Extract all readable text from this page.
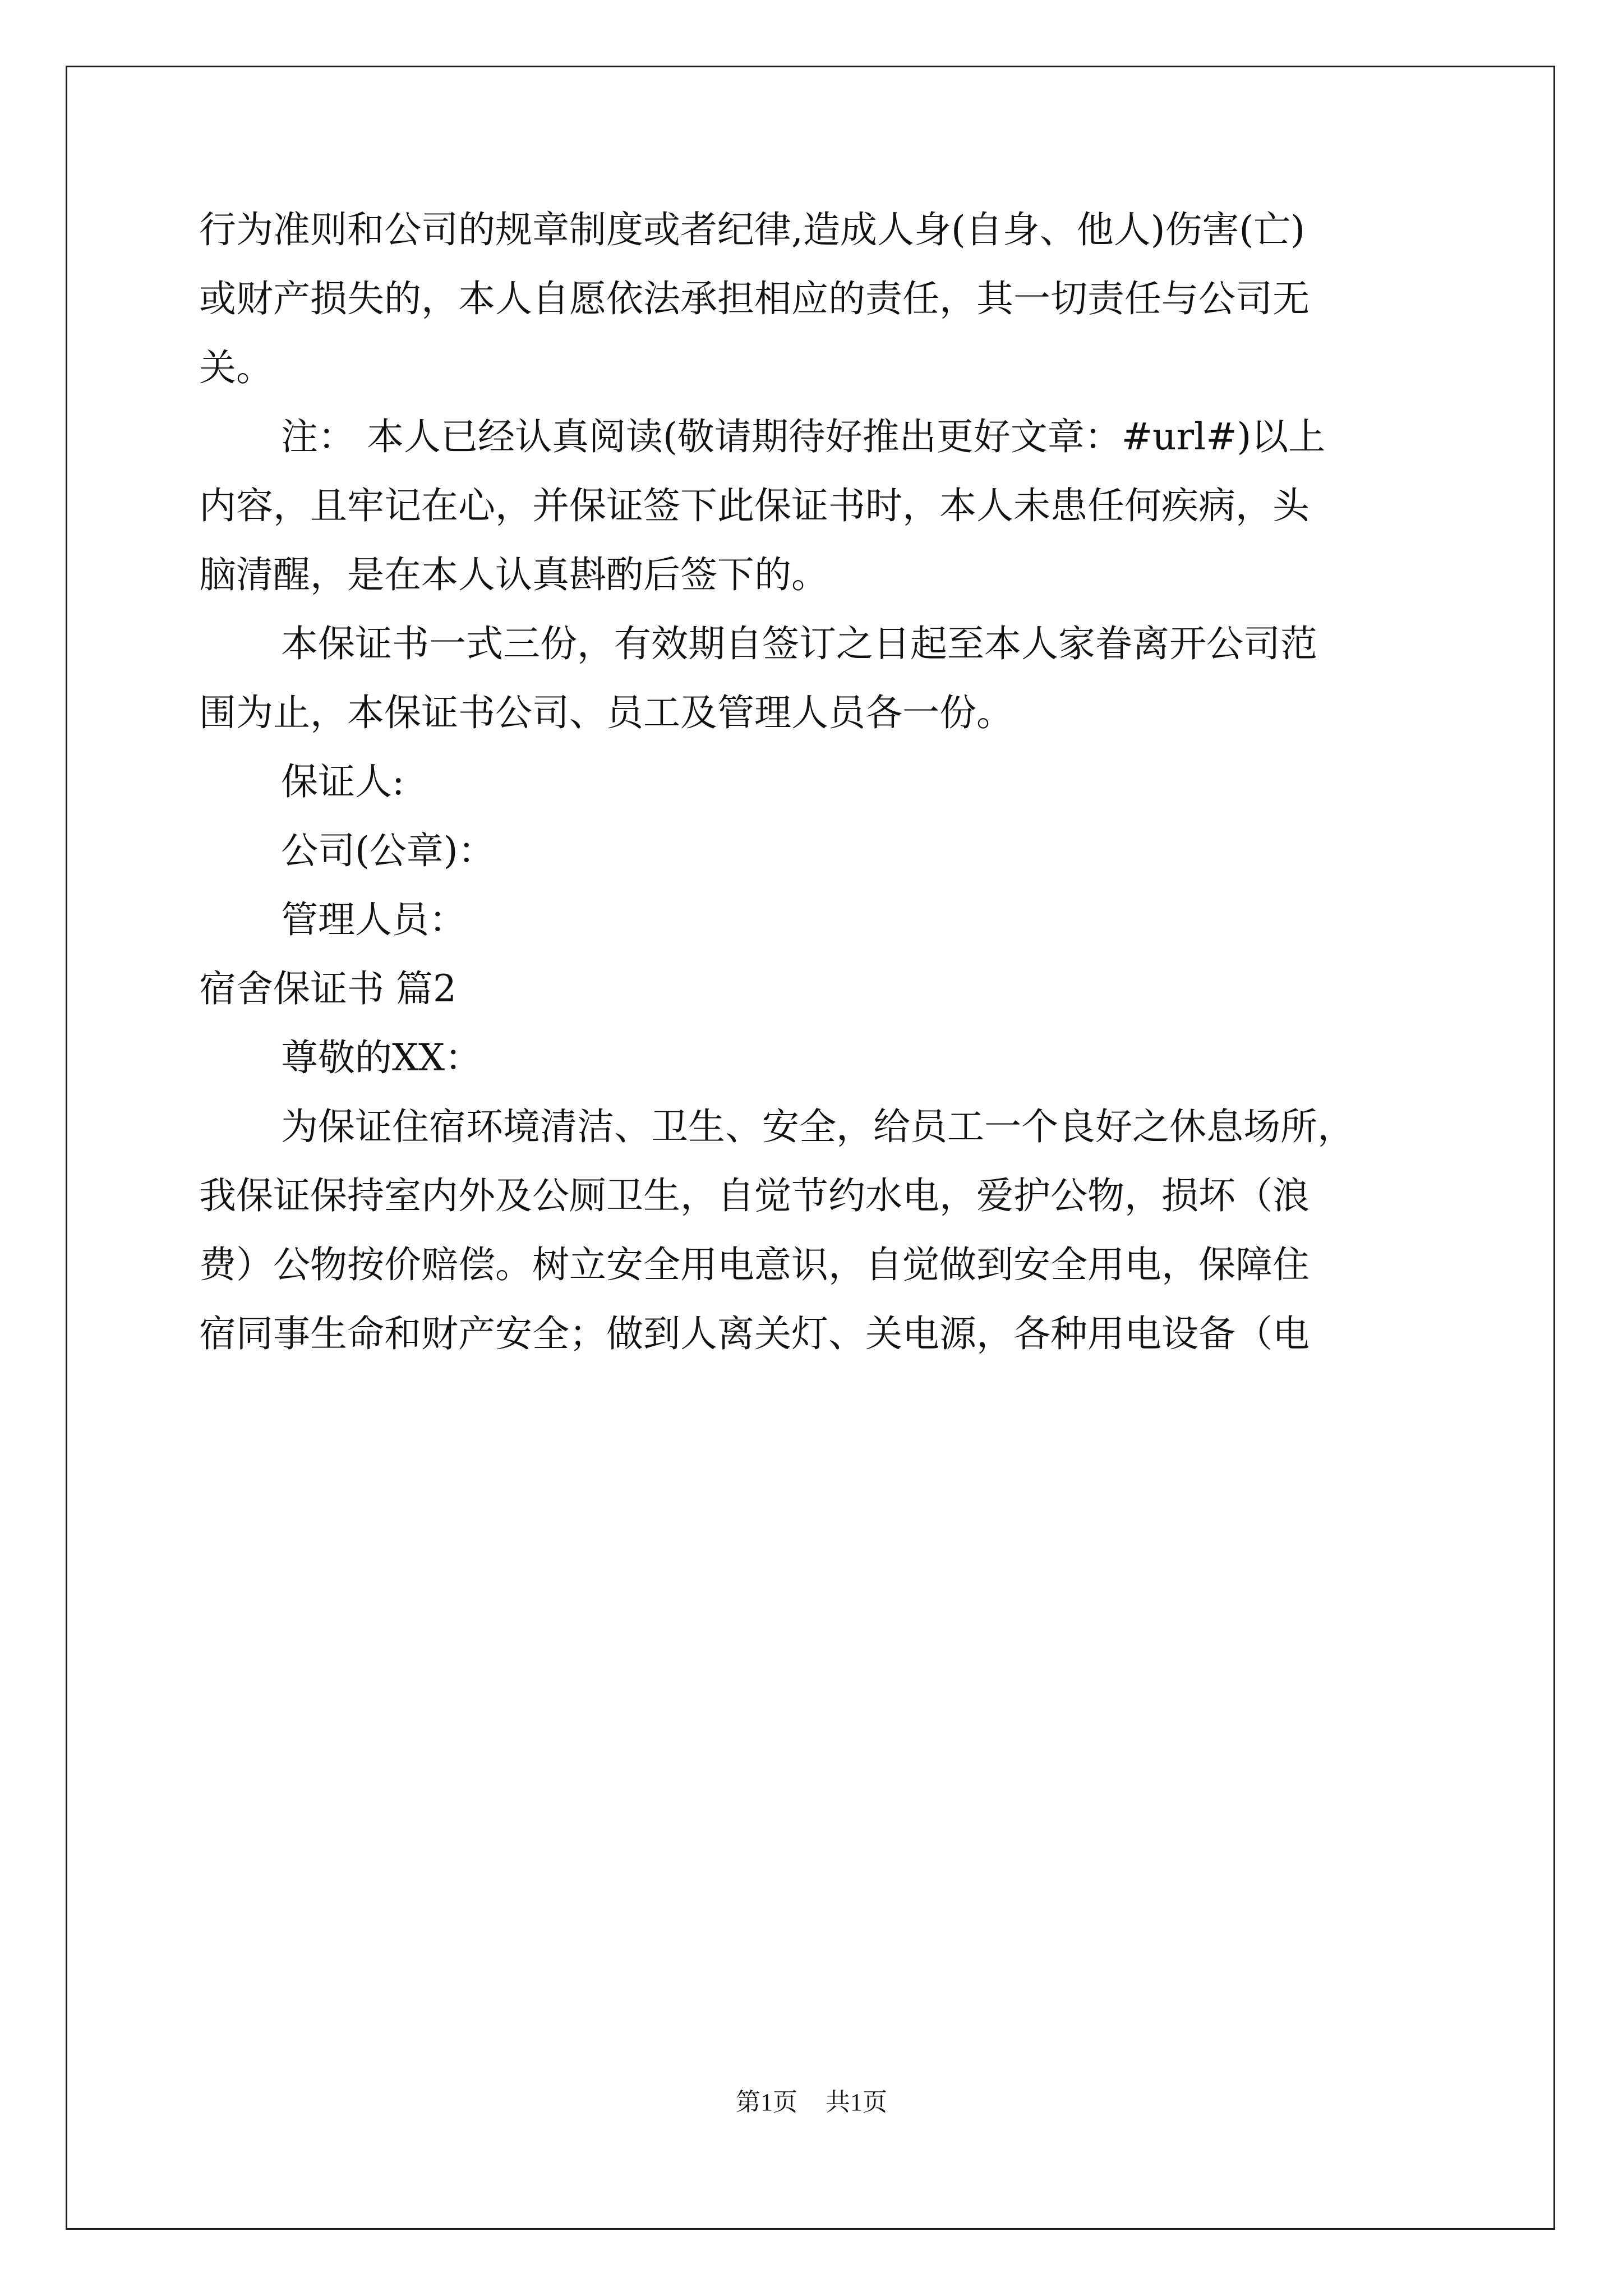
行为准则和公司的规章制度或者纪律,造成人身(自身、他人)伤害(亡)
或财产损失的，本人自愿依法承担相应的责任，其一切责任与公司无
关。
注： 本人已经认真阅读(敬请期待好推出更好文章：#url#)以上
内容，且牢记在心，并保证签下此保证书时，本人未患任何疾病，头
脑清醒，是在本人认真斟酌后签下的。
本保证书一式三份，有效期自签订之日起至本人家眷离开公司范
围为止，本保证书公司、员工及管理人员各一份。
保证人:
公司(公章)：
管理人员：
宿舍保证书 篇2
尊敬的XX：
为保证住宿环境清洁、卫生、安全，给员工一个良好之休息场所，
我保证保持室内外及公厕卫生，自觉节约水电，爱护公物，损坏（浪
费）公物按价赔偿。树立安全用电意识，自觉做到安全用电，保障住
宿同事生命和财产安全；做到人离关灯、关电源，各种用电设备（电
第1页 共1页
